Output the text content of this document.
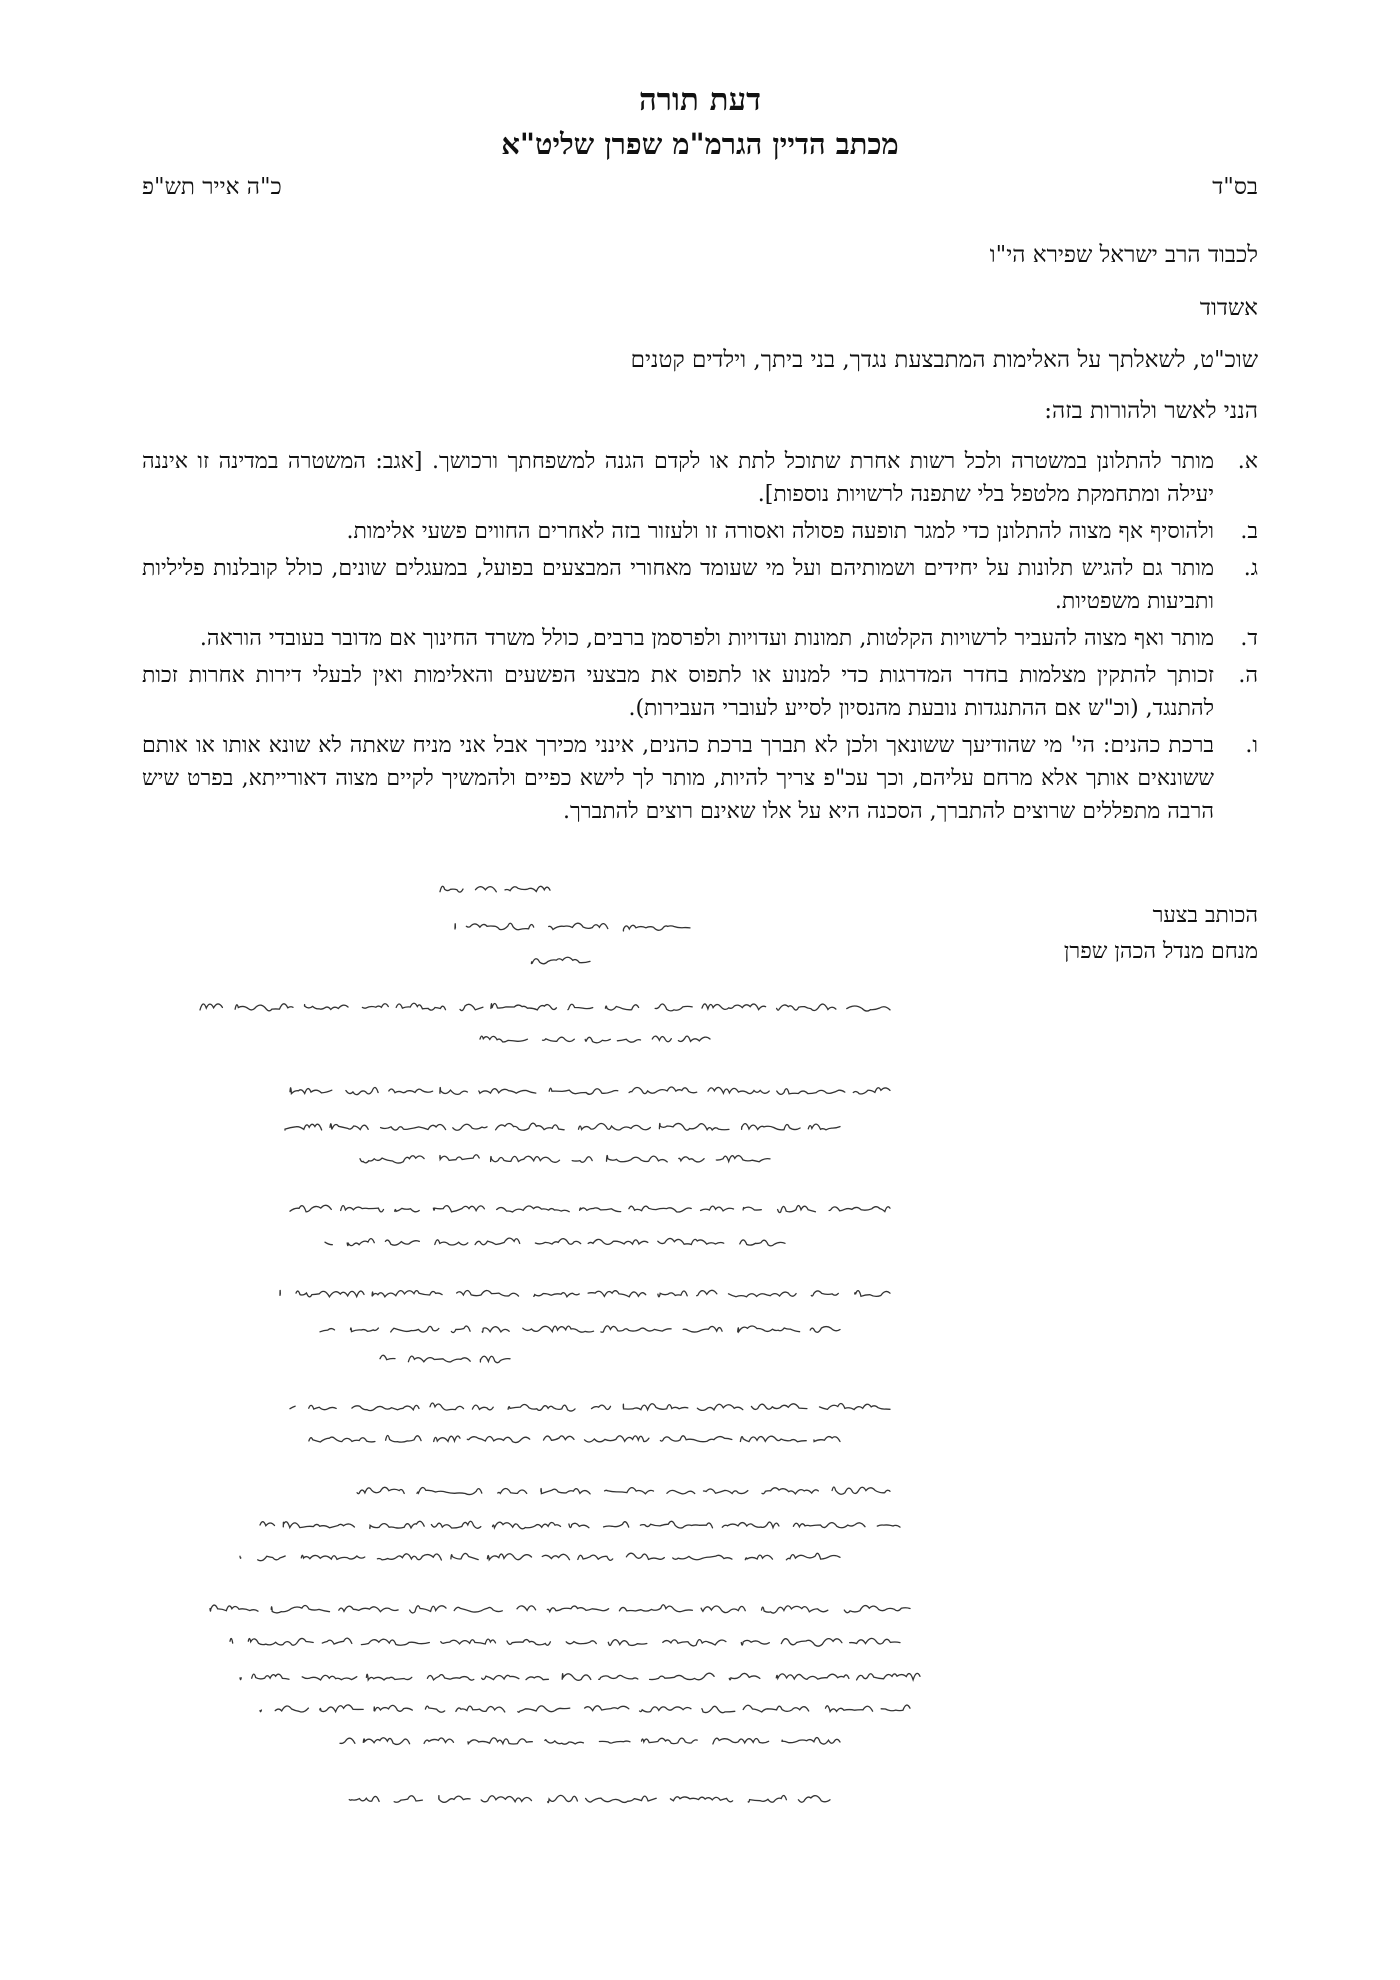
דעת תורה
מכתב הדיין הגרמ"מ שפרן שליט"א
בס"ד
כ"ה אייר תש"פ
לכבוד הרב ישראל שפירא הי"ו
אשדוד
שוכ"ט, לשאלתך על האלימות המתבצעת נגדך, בני ביתך, וילדים קטנים
הנני לאשר ולהורות בזה:
א.
מותר להתלונן במשטרה ולכל רשות אחרת שתוכל לתת או לקדם הגנה למשפחתך ורכושך. [אגב: המשטרה במדינה זו איננה יעילה ומתחמקת מלטפל בלי שתפנה לרשויות נוספות].
ב.
ולהוסיף אף מצוה להתלונן כדי למגר תופעה פסולה ואסורה זו ולעזור בזה לאחרים החווים פשעי אלימות.
ג.
מותר גם להגיש תלונות על יחידים ושמותיהם ועל מי שעומד מאחורי המבצעים בפועל, במעגלים שונים, כולל קובלנות פליליות ותביעות משפטיות.
ד.
מותר ואף מצוה להעביר לרשויות הקלטות, תמונות ועדויות ולפרסמן ברבים, כולל משרד החינוך אם מדובר בעובדי הוראה.
ה.
זכותך להתקין מצלמות בחדר המדרגות כדי למנוע או לתפוס את מבצעי הפשעים והאלימות ואין לבעלי דירות אחרות זכות להתנגד, (וכ"ש אם ההתנגדות נובעת מהנסיון לסייע לעוברי העבירות).
ו.
ברכת כהנים: הי' מי שהודיעך ששונאך ולכן לא תברך ברכת כהנים, אינני מכירך אבל אני מניח שאתה לא שונא אותו או אותם ששונאים אותך אלא מרחם עליהם, וכך עכ"פ צריך להיות, מותר לך לישא כפיים ולהמשיך לקיים מצוה דאורייתא, בפרט שיש הרבה מתפללים שרוצים להתברך, הסכנה היא על אלו שאינם רוצים להתברך.
הכותב בצער
מנחם מנדל הכהן שפרן
